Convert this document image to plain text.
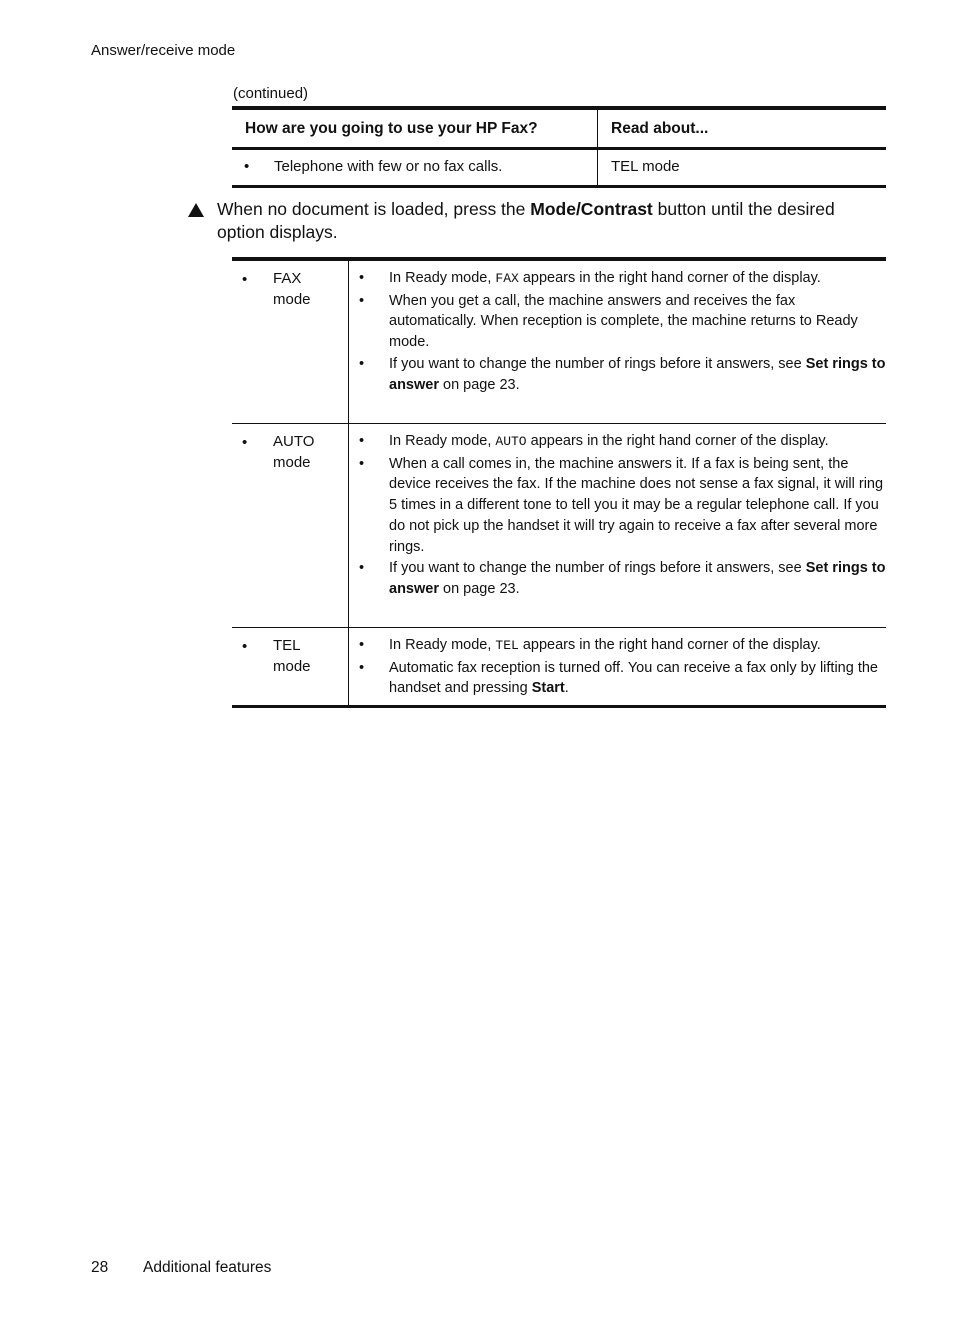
Answer/receive mode
(continued)
How are you going to use your HP Fax?	Read about...
• Telephone with few or no fax calls.	TEL mode
When no document is loaded, press the Mode/Contrast button until the desired option displays.
• FAX
mode
• In Ready mode, FAX appears in the right hand corner of the display.
• When you get a call, the machine answers and receives the fax automatically. When reception is complete, the machine returns to Ready mode.
• If you want to change the number of rings before it answers, see Set rings to answer on page 23.
• AUTO
mode
• In Ready mode, AUTO appears in the right hand corner of the display.
• When a call comes in, the machine answers it. If a fax is being sent, the device receives the fax. If the machine does not sense a fax signal, it will ring 5 times in a different tone to tell you it may be a regular telephone call. If you do not pick up the handset it will try again to receive a fax after several more rings.
• If you want to change the number of rings before it answers, see Set rings to answer on page 23.
• TEL
mode
• In Ready mode, TEL appears in the right hand corner of the display.
• Automatic fax reception is turned off. You can receive a fax only by lifting the handset and pressing Start.
28 Additional features
